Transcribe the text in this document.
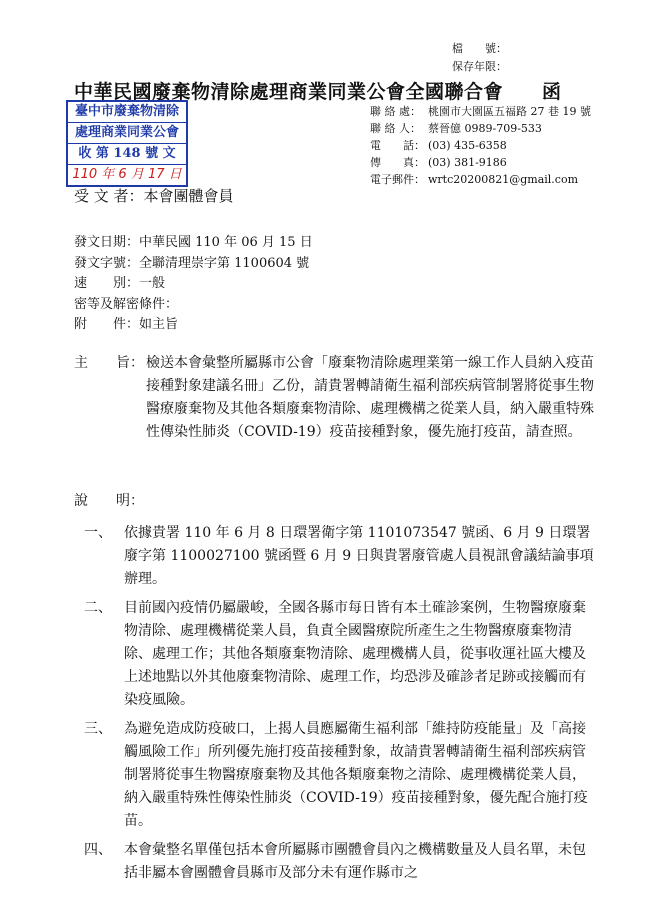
檔　　號：
保存年限：
中華民國廢棄物清除處理商業同業公會全國聯合會　　函
臺中市廢棄物清除
處理商業同業公會
收 第 148 號 文
110 年 6 月 17 日
聯 絡 處： 桃園市大園區五福路 27 巷 19 號
聯 絡 人： 蔡晉億 0989-709-533
電　　話： (03) 435-6358
傳　　真： (03) 381-9186
電子郵件： wrtc20200821@gmail.com
受 文 者：本會團體會員
發文日期：中華民國 110 年 06 月 15 日
發文字號：全聯清理崇字第 1100604 號
速　　別：一般
密等及解密條件：
附　　件：如主旨
主　　旨： 檢送本會彙整所屬縣市公會「廢棄物清除處理業第一線工作人員納入疫苗接種對象建議名冊」乙份，請貴署轉請衛生福利部疾病管制署將從事生物醫療廢棄物及其他各類廢棄物清除、處理機構之從業人員，納入嚴重特殊性傳染性肺炎（COVID-19）疫苗接種對象，優先施打疫苗，請查照。
說　　明：
一、 依據貴署 110 年 6 月 8 日環署衛字第 1101073547 號函、6 月 9 日環署廢字第 1100027100 號函暨 6 月 9 日與貴署廢管處人員視訊會議結論事項辦理。
二、 目前國內疫情仍屬嚴峻，全國各縣市每日皆有本土確診案例，生物醫療廢棄物清除、處理機構從業人員，負責全國醫療院所產生之生物醫療廢棄物清除、處理工作；其他各類廢棄物清除、處理機構人員，從事收運社區大樓及上述地點以外其他廢棄物清除、處理工作，均恐涉及確診者足跡或接觸而有染疫風險。
三、 為避免造成防疫破口，上揭人員應屬衛生福利部「維持防疫能量」及「高接觸風險工作」所列優先施打疫苗接種對象，故請貴署轉請衛生福利部疾病管制署將從事生物醫療廢棄物及其他各類廢棄物之清除、處理機構從業人員，納入嚴重特殊性傳染性肺炎（COVID-19）疫苗接種對象，優先配合施打疫苗。
四、 本會彙整名單僅包括本會所屬縣市團體會員內之機構數量及人員名單，未包括非屬本會團體會員縣市及部分未有運作縣市之
